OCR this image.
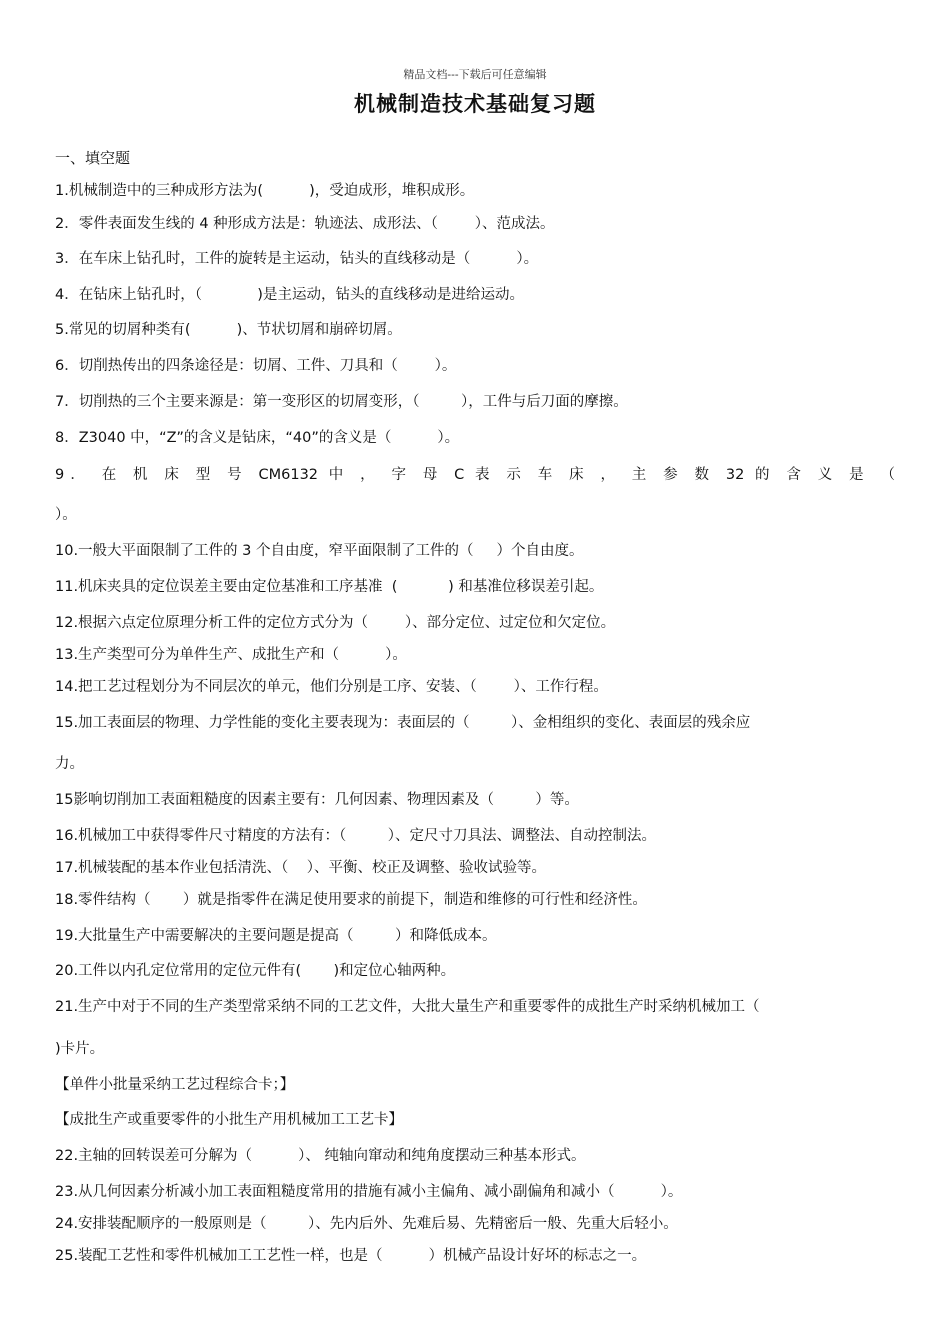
精品文档---下载后可任意编辑
机械制造技术基础复习题
一、填空题
1.机械制造中的三种成形方法为(          )，受迫成形，堆积成形。
2．零件表面发生线的 4 种形成方法是：轨迹法、成形法、（        ）、范成法。
3．在车床上钻孔时，工件的旋转是主运动，钻头的直线移动是（          ）。
4．在钻床上钻孔时，（            )是主运动，钻头的直线移动是进给运动。
5.常见的切屑种类有(          )、节状切屑和崩碎切屑。
6．切削热传出的四条途径是：切屑、工件、刀具和（        ）。
7．切削热的三个主要来源是：第一变形区的切屑变形，（         ），工件与后刀面的摩擦。
8．Z3040 中，“Z”的含义是钻床，“40”的含义是（          ）。
9． 在 机 床 型 号 CM6132 中 ， 字 母 C 表 示 车 床 ， 主 参 数 32 的 含 义 是 （
）。
10.一般大平面限制了工件的 3 个自由度，窄平面限制了工件的（     ）个自由度。
11.机床夹具的定位误差主要由定位基准和工序基准  (           ) 和基准位移误差引起。
12.根据六点定位原理分析工件的定位方式分为（        ）、部分定位、过定位和欠定位。
13.生产类型可分为单件生产、成批生产和（          ）。
14.把工艺过程划分为不同层次的单元，他们分别是工序、安装、（        ）、工作行程。
15.加工表面层的物理、力学性能的变化主要表现为：表面层的（         ）、金相组织的变化、表面层的残余应
力。
15影响切削加工表面粗糙度的因素主要有：几何因素、物理因素及（         ）等。
16.机械加工中获得零件尺寸精度的方法有：（         ）、定尺寸刀具法、调整法、自动控制法。
17.机械装配的基本作业包括清洗、（    ）、平衡、校正及调整、验收试验等。
18.零件结构（       ）就是指零件在满足使用要求的前提下，制造和维修的可行性和经济性。
19.大批量生产中需要解决的主要问题是提高（         ）和降低成本。
20.工件以内孔定位常用的定位元件有(       )和定位心轴两种。
21.生产中对于不同的生产类型常采纳不同的工艺文件，大批大量生产和重要零件的成批生产时采纳机械加工（
)卡片。
【单件小批量采纳工艺过程综合卡；】
【成批生产或重要零件的小批生产用机械加工工艺卡】
22.主轴的回转误差可分解为（          ）、 纯轴向窜动和纯角度摆动三种基本形式。
23.从几何因素分析减小加工表面粗糙度常用的措施有减小主偏角、减小副偏角和减小（          ）。
24.安排装配顺序的一般原则是（         ）、先内后外、先难后易、先精密后一般、先重大后轻小。
25.装配工艺性和零件机械加工工艺性一样，也是（          ）机械产品设计好坏的标志之一。
